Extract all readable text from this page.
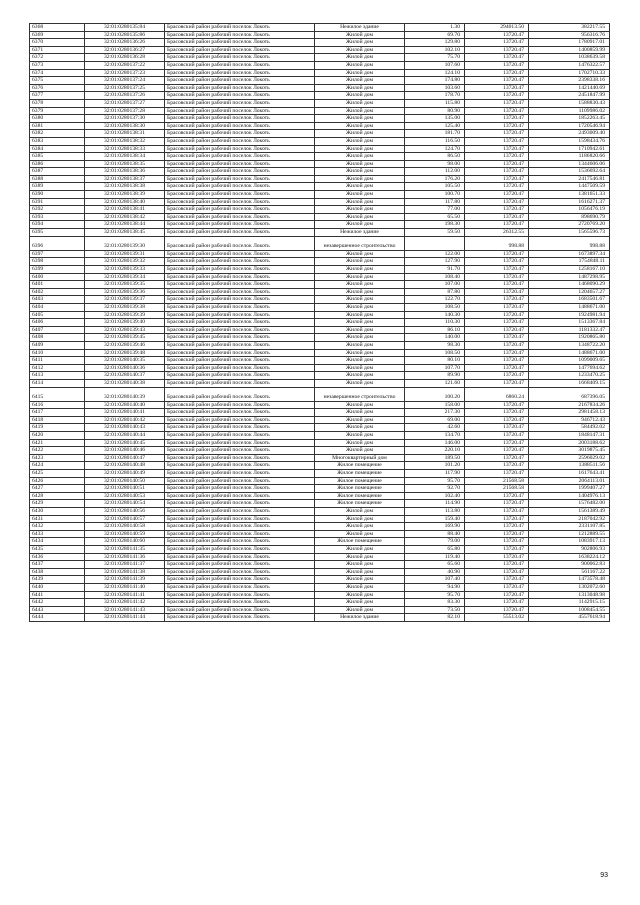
6368	32:01:0280135:84	Брасовский район рабочий поселок Локоть	Нежилое здание	1.30	294013.50	382217.55
6369	32:01:0280135:86	Брасовский район рабочий поселок Локоть	Жилой дом	69.70	13720.47	956316.76
6370	32:01:0280136:26	Брасовский район рабочий поселок Локоть	Жилой дом	129.80	13720.47	1780917.01
6371	32:01:0280136:27	Брасовский район рабочий поселок Локоть	Жилой дом	102.10	13720.47	1400859.99
6372	32:01:0280136:28	Брасовский район рабочий поселок Локоть	Жилой дом	75.70	13720.47	1038639.58
6373	32:01:0280137:22	Брасовский район рабочий поселок Локоть	Жилой дом	107.60	13720.47	1476322.57
6374	32:01:0280137:23	Брасовский район рабочий поселок Локоть	Жилой дом	124.10	13720.47	1702710.33
6375	32:01:0280137:24	Брасовский район рабочий поселок Локоть	Жилой дом	174.80	13720.47	2398338.16
6376	32:01:0280137:25	Брасовский район рабочий поселок Локоть	Жилой дом	103.60	13720.47	1421440.69
6377	32:01:0280137:26	Брасовский район рабочий поселок Локоть	Жилой дом	178.70	13720.47	2451847.99
6378	32:01:0280137:27	Брасовский район рабочий поселок Локоть	Жилой дом	115.80	13720.47	1588830.43
6379	32:01:0280137:28	Брасовский район рабочий поселок Локоть	Жилой дом	80.90	13720.47	1109986.02
6380	32:01:0280137:30	Брасовский район рабочий поселок Локоть	Жилой дом	135.00	13720.47	1852263.45
6381	32:01:0280138:30	Брасовский район рабочий поселок Локоть	Жилой дом	125.40	13720.47	1720546.94
6382	32:01:0280138:31	Брасовский район рабочий поселок Локоть	Жилой дом	181.70	13720.47	2493009.40
6383	32:01:0280138:32	Брасовский район рабочий поселок Локоть	Жилой дом	116.50	13720.47	1598434.76
6384	32:01:0280138:33	Брасовский район рабочий поселок Локоть	Жилой дом	124.70	13720.47	1710942.61
6385	32:01:0280138:34	Брасовский район рабочий поселок Локоть	Жилой дом	86.50	13720.47	1186820.66
6386	32:01:0280138:35	Брасовский район рабочий поселок Локоть	Жилой дом	98.00	13720.47	1344606.06
6387	32:01:0280138:36	Брасовский район рабочий поселок Локоть	Жилой дом	112.00	13720.47	1536692.64
6388	32:01:0280138:37	Брасовский район рабочий поселок Локоть	Жилой дом	176.20	13720.47	2417546.81
6389	32:01:0280138:38	Брасовский район рабочий поселок Локоть	Жилой дом	105.50	13720.47	1447509.59
6390	32:01:0280138:39	Брасовский район рабочий поселок Локоть	Жилой дом	100.70	13720.47	1381651.33
6391	32:01:0280138:40	Брасовский район рабочий поселок Локоть	Жилой дом	117.80	13720.47	1616271.37
6392	32:01:0280138:41	Брасовский район рабочий поселок Локоть	Жилой дом	77.00	13720.47	1056476.19
6393	32:01:0280138:42	Брасовский район рабочий поселок Локоть	Жилой дом	65.50	13720.47	898690.79
6394	32:01:0280138:44	Брасовский район рабочий поселок Локоть	Жилой дом	198.30	13720.47	2720769.20
6395	32:01:0280138:45	Брасовский район рабочий поселок Локоть	Нежилое здание	59.50	26312.55	1565596.73
6396	32:01:0280139:30	Брасовский район рабочий поселок Локоть	незавершенное строительство		998.88	998.88
6397	32:01:0280139:31	Брасовский район рабочий поселок Локоть	Жилой дом	122.00	13720.47	1673897.34
6398	32:01:0280139:32	Брасовский район рабочий поселок Локоть	Жилой дом	127.90	13720.47	1754848.11
6399	32:01:0280139:33	Брасовский район рабочий поселок Локоть	Жилой дом	91.70	13720.47	1258167.10
6400	32:01:0280139:34	Брасовский район рабочий поселок Локоть	Жилой дом	108.40	13720.47	1487298.95
6401	32:01:0280139:35	Брасовский район рабочий поселок Локоть	Жилой дом	107.00	13720.47	1468090.29
6402	32:01:0280139:36	Брасовский район рабочий поселок Локоть	Жилой дом	87.80	13720.47	1204657.27
6403	32:01:0280139:37	Брасовский район рабочий поселок Локоть	Жилой дом	122.70	13720.47	1683501.67
6404	32:01:0280139:38	Брасовский район рабочий поселок Локоть	Жилой дом	108.50	13720.47	1488671.00
6405	32:01:0280139:39	Брасовский район рабочий поселок Локоть	Жилой дом	140.30	13720.47	1924981.94
6406	32:01:0280139:40	Брасовский район рабочий поселок Локоть	Жилой дом	110.30	13720.47	1513367.84
6407	32:01:0280139:43	Брасовский район рабочий поселок Локоть	Жилой дом	86.10	13720.47	1181332.47
6408	32:01:0280139:45	Брасовский район рабочий поселок Локоть	Жилой дом	140.00	13720.47	1920865.80
6409	32:01:0280139:46	Брасовский район рабочий поселок Локоть	Жилой дом	98.30	13720.47	1348722.20
6410	32:01:0280139:48	Брасовский район рабочий поселок Локоть	Жилой дом	108.50	13720.47	1488671.00
6411	32:01:0280140:35	Брасовский район рабочий поселок Локоть	Жилой дом	80.10	13720.47	1099009.65
6412	32:01:0280140:36	Брасовский район рабочий поселок Локоть	Жилой дом	107.70	13720.47	1477694.62
6413	32:01:0280140:37	Брасовский район рабочий поселок Локоть	Жилой дом	89.90	13720.47	1233470.25
6414	32:01:0280140:38	Брасовский район рабочий поселок Локоть	Жилой дом	121.60	13720.47	1668409.15
6415	32:01:0280140:39	Брасовский район рабочий поселок Локоть	незавершенное строительство	100.20	6860.24	687396.05
6416	32:01:0280140:40	Брасовский район рабочий поселок Локоть	Жилой дом	158.00	13720.47	2167834.26
6417	32:01:0280140:41	Брасовский район рабочий поселок Локоть	Жилой дом	217.30	13720.47	2981458.13
6418	32:01:0280140:42	Брасовский район рабочий поселок Локоть	Жилой дом	69.00	13720.47	946712.43
6419	32:01:0280140:43	Брасовский район рабочий поселок Локоть	Жилой дом	42.60	13720.47	584492.02
6420	32:01:0280140:44	Брасовский район рабочий поселок Локоть	Жилой дом	134.70	13720.47	1848147.31
6421	32:01:0280140:45	Брасовский район рабочий поселок Локоть	Жилой дом	146.00	13720.47	2003188.62
6422	32:01:0280140:46	Брасовский район рабочий поселок Локоть	Жилой дом	220.10	13720.47	3019875.45
6423	32:01:0280140:47	Брасовский район рабочий поселок Локоть	Многоквартирный дом	189.50	13720.47	2596029.02
6424	32:01:0280140:48	Брасовский район рабочий поселок Локоть	Жилое помещение	101.20	13720.47	1388511.56
6425	32:01:0280140:49	Брасовский район рабочий поселок Локоть	Жилое помещение	117.90	13720.47	1617643.41
6426	32:01:0280140:50	Брасовский район рабочий поселок Локоть	Жилое помещение	95.70	21568.58	2064113.01
6427	32:01:0280140:51	Брасовский район рабочий поселок Локоть	Жилое помещение	92.70	21568.58	1999407.27
6428	32:01:0280140:53	Брасовский район рабочий поселок Локоть	Жилое помещение	102.40	13720.47	1404976.13
6429	32:01:0280140:54	Брасовский район рабочий поселок Локоть	Жилое помещение	114.90	13720.47	1576482.00
6430	32:01:0280140:56	Брасовский район рабочий поселок Локоть	Жилой дом	113.80	13720.47	1561389.49
6431	32:01:0280140:57	Брасовский район рабочий поселок Локоть	Жилой дом	159.40	13720.47	2187042.92
6432	32:01:0280140:58	Брасовский район рабочий поселок Локоть	Жилой дом	169.90	13720.47	2331107.85
6433	32:01:0280140:59	Брасовский район рабочий поселок Локоть	Жилой дом	88.40	13720.47	1212889.55
6434	32:01:0280140:60	Брасовский район рабочий поселок Локоть	Жилое помещение	79.00	13720.47	1083917.13
6435	32:01:0280141:35	Брасовский район рабочий поселок Локоть	Жилой дом	65.80	13720.47	902806.93
6436	32:01:0280141:36	Брасовский район рабочий поселок Локоть	Жилой дом	119.40	13720.47	1638224.12
6437	32:01:0280141:37	Брасовский район рабочий поселок Локоть	Жилой дом	65.60	13720.47	900062.83
6438	32:01:0280141:38	Брасовский район рабочий поселок Локоть	Жилой дом	40.90	13720.47	561167.22
6439	32:01:0280141:39	Брасовский район рабочий поселок Локоть	Жилой дом	107.40	13720.47	1473578.48
6440	32:01:0280141:40	Брасовский район рабочий поселок Локоть	Жилой дом	94.90	13720.47	1302072.60
6441	32:01:0280141:41	Брасовский район рабочий поселок Локоть	Жилой дом	95.70	13720.47	1313048.98
6442	32:01:0280141:42	Брасовский район рабочий поселок Локоть	Жилой дом	83.30	13720.47	1142915.15
6443	32:01:0280141:43	Брасовский район рабочий поселок Локоть	Жилой дом	73.50	13720.47	1008454.55
6444	32:01:0280141:44	Брасовский район рабочий поселок Локоть	Нежилое здание	82.10	55513.02	4557618.94
93
